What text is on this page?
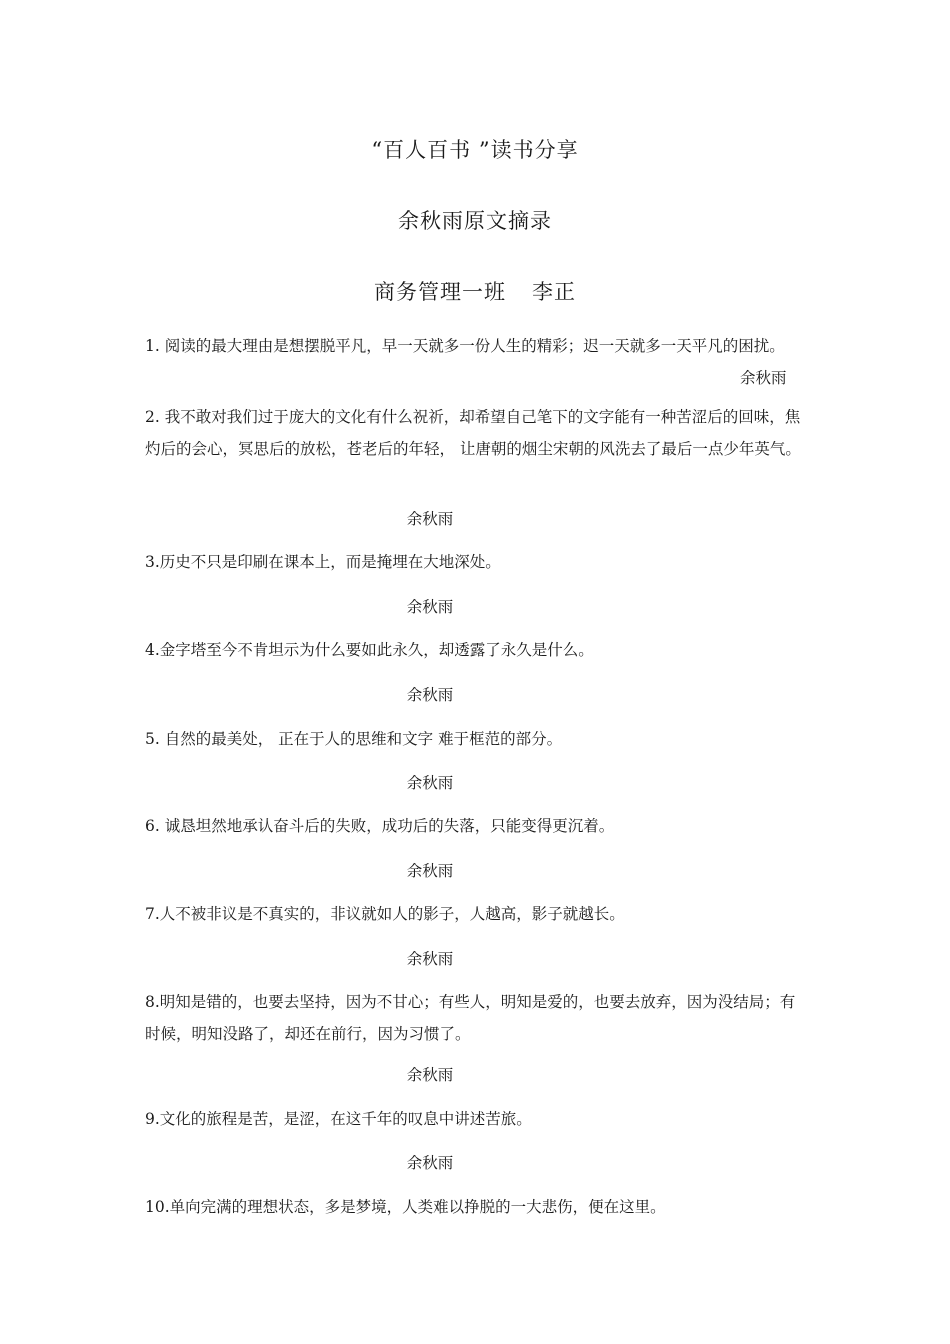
“百人百书 ”读书分享
余秋雨原文摘录
商务管理一班 李正

1. 阅读的最大理由是想摆脱平凡，早一天就多一份人生的精彩；迟一天就多一天平凡的困扰。

余秋雨

2. 我不敢对我们过于庞大的文化有什么祝祈，却希望自己笔下的文字能有一种苦涩后的回味，焦灼后的会心，冥思后的放松，苍老后的年轻， 让唐朝的烟尘宋朝的风洗去了最后一点少年英气。

余秋雨

3.历史不只是印刷在课本上，而是掩埋在大地深处。

余秋雨

4.金字塔至今不肯坦示为什么要如此永久，却透露了永久是什么。

余秋雨

5. 自然的最美处， 正在于人的思维和文字 难于框范的部分。

余秋雨

6. 诚恳坦然地承认奋斗后的失败，成功后的失落，只能变得更沉着。

余秋雨

7.人不被非议是不真实的，非议就如人的影子，人越高，影子就越长。

余秋雨

8.明知是错的，也要去坚持，因为不甘心；有些人，明知是爱的，也要去放弃，因为没结局；有时候，明知没路了，却还在前行，因为习惯了。

余秋雨

9.文化的旅程是苦，是涩，在这千年的叹息中讲述苦旅。

余秋雨

10.单向完满的理想状态，多是梦境，人类难以挣脱的一大悲伤，便在这里。
